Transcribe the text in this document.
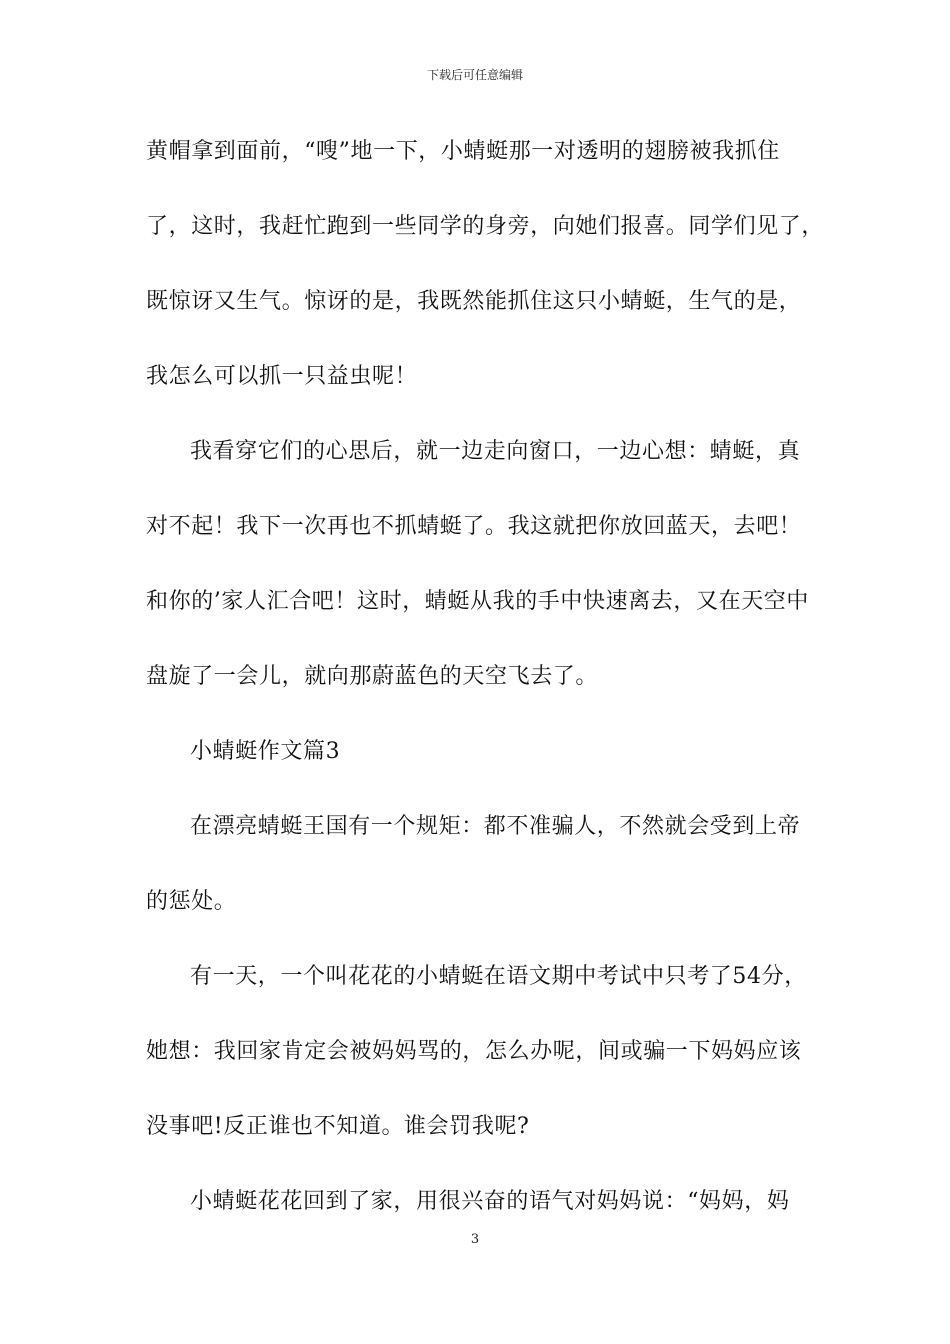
下载后可任意编辑
黄帽拿到面前，“嗖”地一下，小蜻蜓那一对透明的翅膀被我抓住
了，这时，我赶忙跑到一些同学的身旁，向她们报喜。同学们见了，
既惊讶又生气。惊讶的是，我既然能抓住这只小蜻蜓，生气的是，
我怎么可以抓一只益虫呢！
我看穿它们的心思后，就一边走向窗口，一边心想：蜻蜓，真
对不起！我下一次再也不抓蜻蜓了。我这就把你放回蓝天，去吧！
和你的’家人汇合吧！这时，蜻蜓从我的手中快速离去，又在天空中
盘旋了一会儿，就向那蔚蓝色的天空飞去了。
小蜻蜓作文篇3
在漂亮蜻蜓王国有一个规矩：都不准骗人，不然就会受到上帝
的惩处。
有一天，一个叫花花的小蜻蜓在语文期中考试中只考了54分，
她想：我回家肯定会被妈妈骂的，怎么办呢，间或骗一下妈妈应该
没事吧!反正谁也不知道。谁会罚我呢?
小蜻蜓花花回到了家，用很兴奋的语气对妈妈说：“妈妈，妈
3
